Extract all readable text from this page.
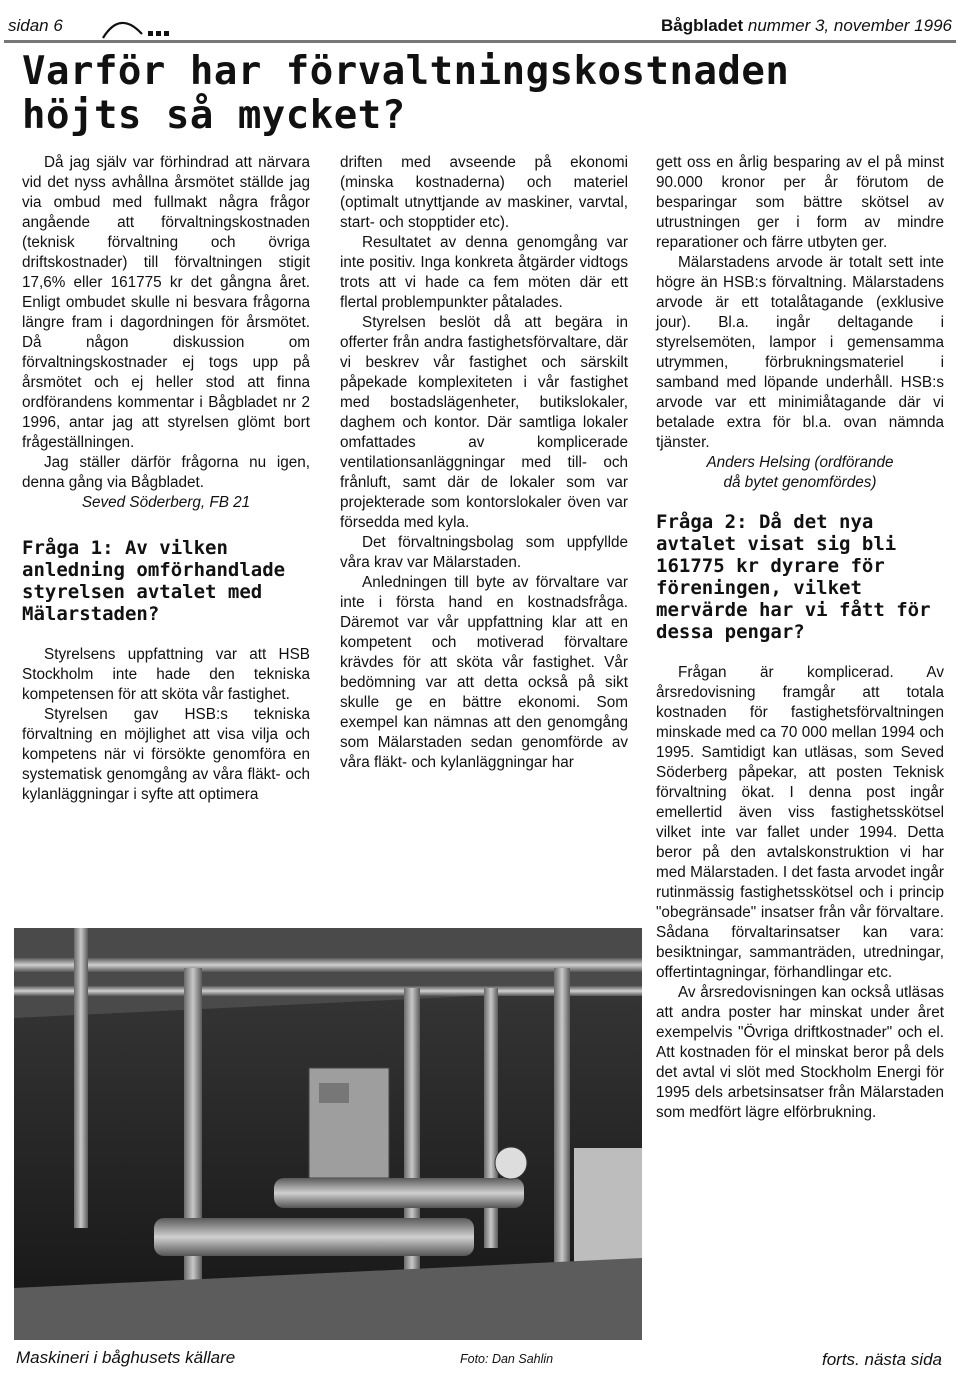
sidan 6	Bågbladet nummer 3, november 1996
Varför har förvaltningskostnaden
höjts så mycket?

Då jag själv var förhindrad att närvara vid det nyss avhållna årsmötet ställde jag via ombud med fullmakt några frågor angående att förvaltningskostnaden (teknisk förvaltning och övriga driftskostnader) till förvaltningen stigit 17,6% eller 161775 kr det gångna året. Enligt ombudet skulle ni besvara frågorna längre fram i dagordningen för årsmötet. Då någon diskussion om förvaltningskostnader ej togs upp på årsmötet och ej heller stod att finna ordförandens kommentar i Bågbladet nr 2 1996, antar jag att styrelsen glömt bort frågeställningen.

Jag ställer därför frågorna nu igen, denna gång via Bågbladet.

Seved Söderberg, FB 21

Fråga 1: Av vilken anledning omförhandlade styrelsen avtalet med Mälarstaden?

Styrelsens uppfattning var att HSB Stockholm inte hade den tekniska kompetensen för att sköta vår fastighet.

Styrelsen gav HSB:s tekniska förvaltning en möjlighet att visa vilja och kompetens när vi försökte genomföra en systematisk genomgång av våra fläkt- och kylanläggningar i syfte att optimera

driften med avseende på ekonomi (minska kostnaderna) och materiel (optimalt utnyttjande av maskiner, varvtal, start- och stopptider etc).

Resultatet av denna genomgång var inte positiv. Inga konkreta åtgärder vidtogs trots att vi hade ca fem möten där ett flertal problempunkter påtalades.

Styrelsen beslöt då att begära in offerter från andra fastighetsförvaltare, där vi beskrev vår fastighet och särskilt påpekade komplexiteten i vår fastighet med bostadslägenheter, butikslokaler, daghem och kontor. Där samtliga lokaler omfattades av komplicerade ventilationsanläggningar med till- och frånluft, samt där de lokaler som var projekterade som kontorslokaler öven var försedda med kyla.

Det förvaltningsbolag som uppfyllde våra krav var Mälarstaden.

Anledningen till byte av förvaltare var inte i första hand en kostnadsfråga. Däremot var vår uppfattning klar att en kompetent och motiverad förvaltare krävdes för att sköta vår fastighet. Vår bedömning var att detta också på sikt skulle ge en bättre ekonomi. Som exempel kan nämnas att den genomgång som Mälarstaden sedan genomförde av våra fläkt- och kylanläggningar har

gett oss en årlig besparing av el på minst 90.000 kronor per år förutom de besparingar som bättre skötsel av utrustningen ger i form av mindre reparationer och färre utbyten ger.

Mälarstadens arvode är totalt sett inte högre än HSB:s förvaltning. Mälarstadens arvode är ett totalåtagande (exklusive jour). Bl.a. ingår deltagande i styrelsemöten, lampor i gemensamma utrymmen, förbrukningsmateriel i samband med löpande underhåll. HSB:s arvode var ett minimiåtagande där vi betalade extra för bl.a. ovan nämnda tjänster.

Anders Helsing (ordförande

då bytet genomfördes)

Fråga 2: Då det nya avtalet visat sig bli 161775 kr dyrare för föreningen, vilket mervärde har vi fått för dessa pengar?

Frågan är komplicerad. Av årsredovisning framgår att totala kostnaden för fastighetsförvaltningen minskade med ca 70 000 mellan 1994 och 1995. Samtidigt kan utläsas, som Seved Söderberg påpekar, att posten Teknisk förvaltning ökat. I denna post ingår emellertid även viss fastighetsskötsel vilket inte var fallet under 1994. Detta beror på den avtalskonstruktion vi har med Mälarstaden. I det fasta arvodet ingår rutinmässig fastighetsskötsel och i princip "obegränsade" insatser från vår förvaltare. Sådana förvaltarinsatser kan vara: besiktningar, sammanträden, utredningar, offertintagningar, förhandlingar etc.

Av årsredovisningen kan också utläsas att andra poster har minskat under året exempelvis "Övriga driftkostnader" och el. Att kostnaden för el minskat beror på dels det avtal vi slöt med Stockholm Energi för 1995 dels arbetsinsatser från Mälarstaden som medfört lägre elförbrukning.

Maskineri i båghusets källare	Foto: Dan Sahlin	forts. nästa sida
